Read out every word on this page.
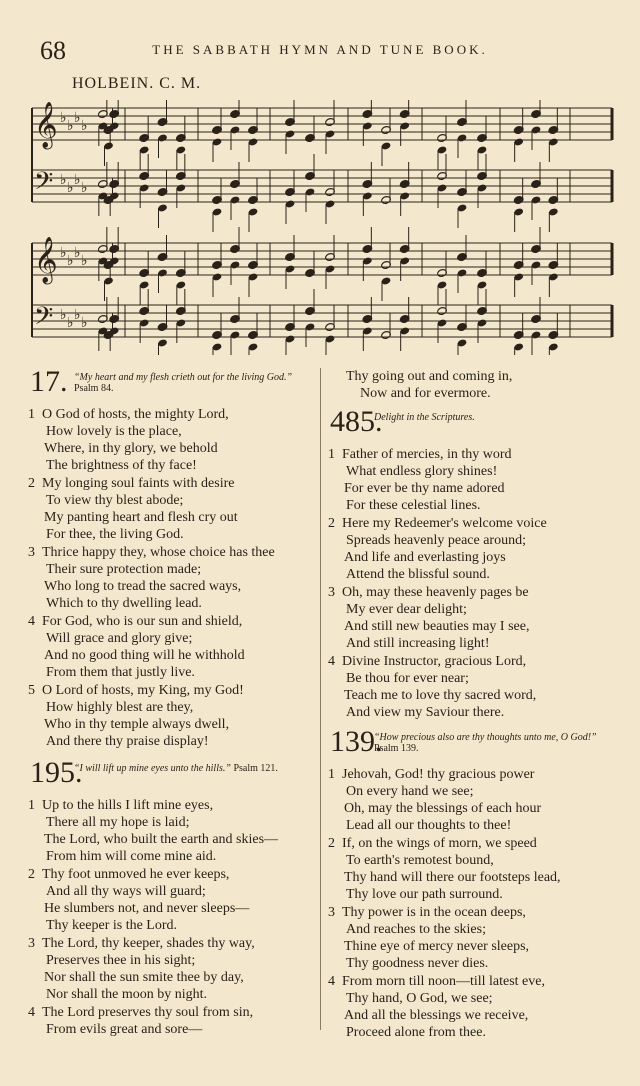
68	THE SABBATH HYMN AND TUNE BOOK.
HOLBEIN. C. M.
𝄞 ♭
♭
♭
♭
𝄢 ♭
♭
♭
♭
𝄞 ♭
♭
♭
♭
𝄢 ♭
♭
♭
♭
17. “My heart and my flesh crieth out for the living God.” Psalm 84.
1 O God of hosts, the mighty Lord,
How lovely is the place,
Where, in thy glory, we behold
The brightness of thy face!
2 My longing soul faints with desire
To view thy blest abode;
My panting heart and flesh cry out
For thee, the living God.
3 Thrice happy they, whose choice has thee
Their sure protection made;
Who long to tread the sacred ways,
Which to thy dwelling lead.
4 For God, who is our sun and shield,
Will grace and glory give;
And no good thing will he withhold
From them that justly live.
5 O Lord of hosts, my King, my God!
How highly blest are they,
Who in thy temple always dwell,
And there thy praise display!
195.
“I will lift up mine eyes unto the hills.” Psalm 121.
1 Up to the hills I lift mine eyes,
There all my hope is laid;
The Lord, who built the earth and skies—
From him will come mine aid.
2 Thy foot unmoved he ever keeps,
And all thy ways will guard;
He slumbers not, and never sleeps—
Thy keeper is the Lord.
3 The Lord, thy keeper, shades thy way,
Preserves thee in his sight;
Nor shall the sun smite thee by day,
Nor shall the moon by night.
4 The Lord preserves thy soul from sin,
From evils great and sore—
Thy going out and coming in,
Now and for evermore.
485.
Delight in the Scriptures.
1 Father of mercies, in thy word
What endless glory shines!
For ever be thy name adored
For these celestial lines.
2 Here my Redeemer's welcome voice
Spreads heavenly peace around;
And life and everlasting joys
Attend the blissful sound.
3 Oh, may these heavenly pages be
My ever dear delight;
And still new beauties may I see,
And still increasing light!
4 Divine Instructor, gracious Lord,
Be thou for ever near;
Teach me to love thy sacred word,
And view my Saviour there.
139.
“How precious also are thy thoughts unto me, O God!” Psalm 139.
1 Jehovah, God! thy gracious power
On every hand we see;
Oh, may the blessings of each hour
Lead all our thoughts to thee!
2 If, on the wings of morn, we speed
To earth's remotest bound,
Thy hand will there our footsteps lead,
Thy love our path surround.
3 Thy power is in the ocean deeps,
And reaches to the skies;
Thine eye of mercy never sleeps,
Thy goodness never dies.
4 From morn till noon—till latest eve,
Thy hand, O God, we see;
And all the blessings we receive,
Proceed alone from thee.
